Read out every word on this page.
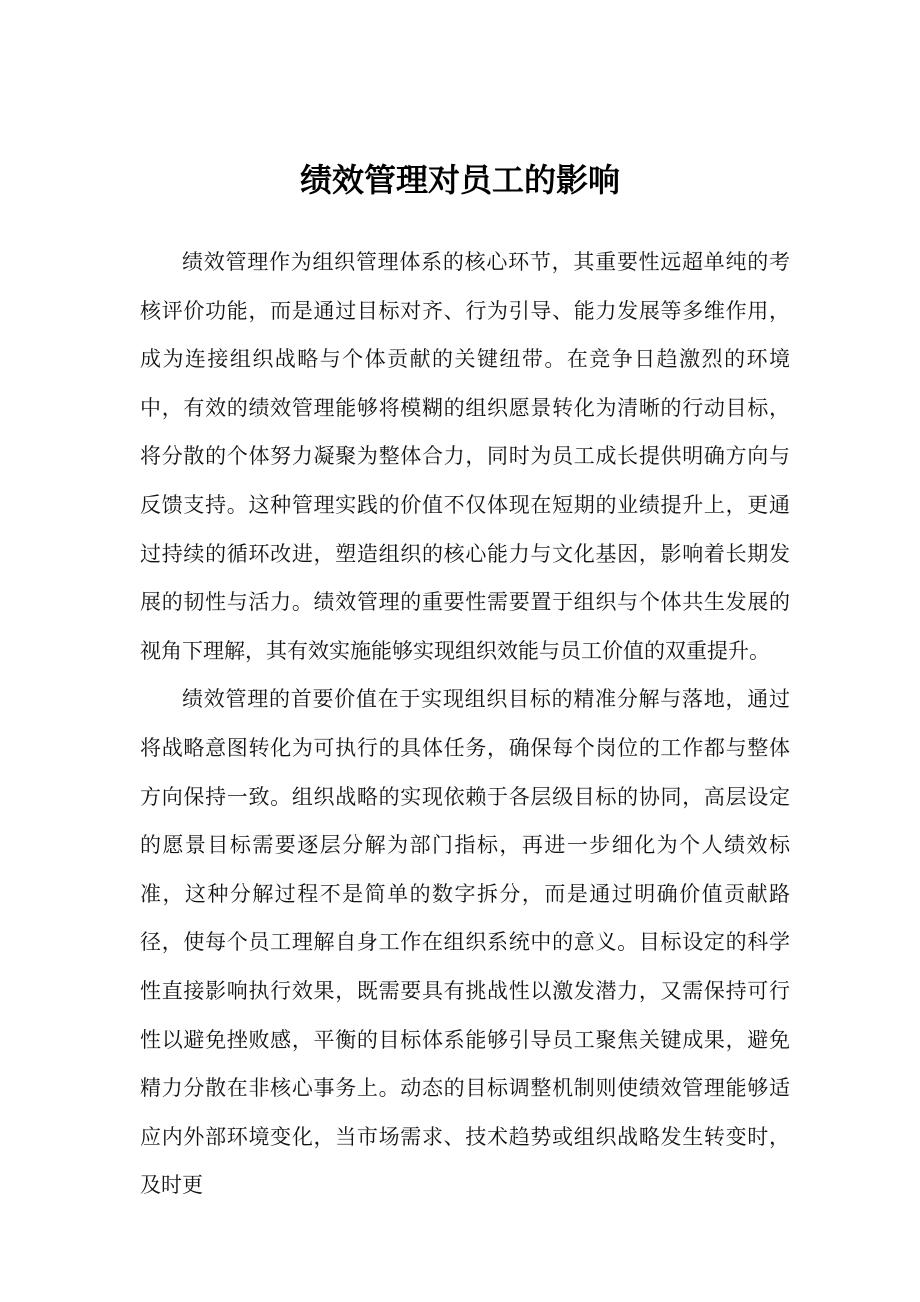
绩效管理对员工的影响

绩效管理作为组织管理体系的核心环节，其重要性远超单纯的考核评价功能，而是通过目标对齐、行为引导、能力发展等多维作用，成为连接组织战略与个体贡献的关键纽带。在竞争日趋激烈的环境中，有效的绩效管理能够将模糊的组织愿景转化为清晰的行动目标，将分散的个体努力凝聚为整体合力，同时为员工成长提供明确方向与反馈支持。这种管理实践的价值不仅体现在短期的业绩提升上，更通过持续的循环改进，塑造组织的核心能力与文化基因，影响着长期发展的韧性与活力。绩效管理的重要性需要置于组织与个体共生发展的视角下理解，其有效实施能够实现组织效能与员工价值的双重提升。

绩效管理的首要价值在于实现组织目标的精准分解与落地，通过将战略意图转化为可执行的具体任务，确保每个岗位的工作都与整体方向保持一致。组织战略的实现依赖于各层级目标的协同，高层设定的愿景目标需要逐层分解为部门指标，再进一步细化为个人绩效标准，这种分解过程不是简单的数字拆分，而是通过明确价值贡献路径，使每个员工理解自身工作在组织系统中的意义。目标设定的科学性直接影响执行效果，既需要具有挑战性以激发潜力，又需保持可行性以避免挫败感，平衡的目标体系能够引导员工聚焦关键成果，避免精力分散在非核心事务上。动态的目标调整机制则使绩效管理能够适应内外部环境变化，当市场需求、技术趋势或组织战略发生转变时，及时更
